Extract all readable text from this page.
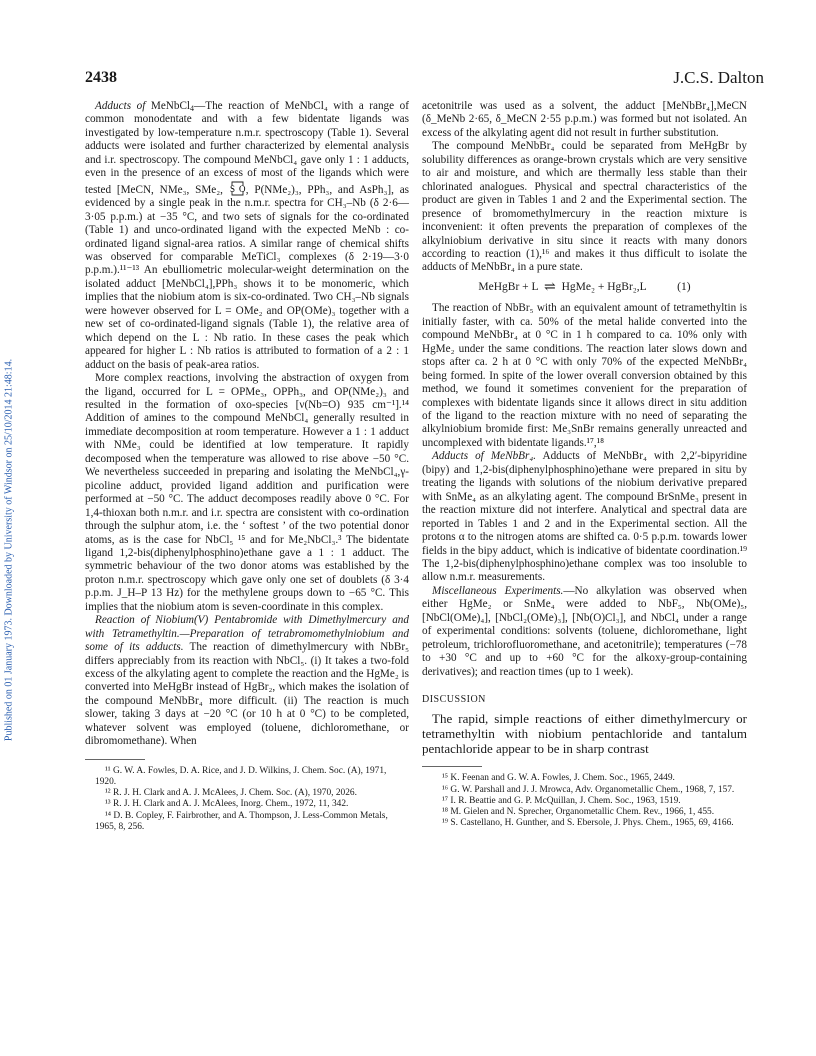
Published on 01 January 1973. Downloaded by University of Windsor on 25/10/2014 21:48:14.
2438	J.C.S. Dalton

Adducts of MeNbCl$_4$—The reaction of MeNbCl₄ with a range of common monodentate and with a few bidentate ligands was investigated by low-temperature n.m.r. spectroscopy (Table 1). Several adducts were isolated and further characterized by elemental analysis and i.r. spectroscopy. The compound MeNbCl₄ gave only 1 : 1 adducts, even in the presence of an excess of most of the ligands which were tested [MeCN, NMe₃, SMe₂, S O , P(NMe₂)₃, PPh₃, and AsPh₃], as evidenced by a single peak in the n.m.r. spectra for CH₃–Nb (δ 2·6—3·05 p.p.m.) at −35 °C, and two sets of signals for the co-ordinated (Table 1) and unco-ordinated ligand with the expected MeNb : co-ordinated ligand signal-area ratios. A similar range of chemical shifts was observed for comparable MeTiCl₃ complexes (δ 2·19—3·0 p.p.m.).¹¹⁻¹³ An ebulliometric molecular-weight determination on the isolated adduct [MeNbCl₄],PPh₃ shows it to be monomeric, which implies that the niobium atom is six-co-ordinated. Two CH₃–Nb signals were however observed for L = OMe₂ and OP(OMe)₃ together with a new set of co-ordinated-ligand signals (Table 1), the relative area of which depend on the L : Nb ratio. In these cases the peak which appeared for higher L : Nb ratios is attributed to formation of a 2 : 1 adduct on the basis of peak-area ratios.

More complex reactions, involving the abstraction of oxygen from the ligand, occurred for L = OPMe₃, OPPh₃, and OP(NMe₂)₃ and resulted in the formation of oxo-species [ν(Nb=O) 935 cm⁻¹].¹⁴ Addition of amines to the compound MeNbCl₄ generally resulted in immediate decomposition at room temperature. However a 1 : 1 adduct with NMe₃ could be identified at low temperature. It rapidly decomposed when the temperature was allowed to rise above −50 °C. We nevertheless succeeded in preparing and isolating the MeNbCl₄,γ-picoline adduct, provided ligand addition and purification were performed at −50 °C. The adduct decomposes readily above 0 °C. For 1,4-thioxan both n.m.r. and i.r. spectra are consistent with co-ordination through the sulphur atom, i.e. the ‘ softest ’ of the two potential donor atoms, as is the case for NbCl₅ ¹⁵ and for Me₂NbCl₃.³ The bidentate ligand 1,2-bis(diphenylphosphino)ethane gave a 1 : 1 adduct. The symmetric behaviour of the two donor atoms was established by the proton n.m.r. spectroscopy which gave only one set of doublets (δ 3·4 p.p.m. J_H–P 13 Hz) for the methylene groups down to −65 °C. This implies that the niobium atom is seven-coordinate in this complex.

Reaction of Niobium(V) Pentabromide with Dimethylmercury and with Tetramethyltin.—Preparation of tetrabromomethylniobium and some of its adducts. The reaction of dimethylmercury with NbBr₅ differs appreciably from its reaction with NbCl₅. (i) It takes a two-fold excess of the alkylating agent to complete the reaction and the HgMe₂ is converted into MeHgBr instead of HgBr₂, which makes the isolation of the compound MeNbBr₄ more difficult. (ii) The reaction is much slower, taking 3 days at −20 °C (or 10 h at 0 °C) to be completed, whatever solvent was employed (toluene, dichloromethane, or dibromomethane). When

¹¹ G. W. A. Fowles, D. A. Rice, and J. D. Wilkins, J. Chem. Soc. (A), 1971, 1920.

¹² R. J. H. Clark and A. J. McAlees, J. Chem. Soc. (A), 1970, 2026.

¹³ R. J. H. Clark and A. J. McAlees, Inorg. Chem., 1972, 11, 342.

¹⁴ D. B. Copley, F. Fairbrother, and A. Thompson, J. Less-Common Metals, 1965, 8, 256.

acetonitrile was used as a solvent, the adduct [MeNbBr₄],MeCN (δ_MeNb 2·65, δ_MeCN 2·55 p.p.m.) was formed but not isolated. An excess of the alkylating agent did not result in further substitution.

The compound MeNbBr₄ could be separated from MeHgBr by solubility differences as orange-brown crystals which are very sensitive to air and moisture, and which are thermally less stable than their chlorinated analogues. Physical and spectral characteristics of the product are given in Tables 1 and 2 and the Experimental section. The presence of bromomethylmercury in the reaction mixture is inconvenient: it often prevents the preparation of complexes of the alkylniobium derivative in situ since it reacts with many donors according to reaction (1),¹⁶ and makes it thus difficult to isolate the adducts of MeNbBr₄ in a pure state.

MeHgBr + L ⇌ HgMe₂ + HgBr₂,L	(1)

The reaction of NbBr₅ with an equivalent amount of tetramethyltin is initially faster, with ca. 50% of the metal halide converted into the compound MeNbBr₄ at 0 °C in 1 h compared to ca. 10% only with HgMe₂ under the same conditions. The reaction later slows down and stops after ca. 2 h at 0 °C with only 70% of the expected MeNbBr₄ being formed. In spite of the lower overall conversion obtained by this method, we found it sometimes convenient for the preparation of complexes with bidentate ligands since it allows direct in situ addition of the ligand to the reaction mixture with no need of separating the alkylniobium bromide first: Me₃SnBr remains generally unreacted and uncomplexed with bidentate ligands.¹⁷,¹⁸

Adducts of MeNbBr₄. Adducts of MeNbBr₄ with 2,2′-bipyridine (bipy) and 1,2-bis(diphenylphosphino)ethane were prepared in situ by treating the ligands with solutions of the niobium derivative prepared with SnMe₄ as an alkylating agent. The compound BrSnMe₃ present in the reaction mixture did not interfere. Analytical and spectral data are reported in Tables 1 and 2 and in the Experimental section. All the protons α to the nitrogen atoms are shifted ca. 0·5 p.p.m. towards lower fields in the bipy adduct, which is indicative of bidentate coordination.¹⁹ The 1,2-bis(diphenylphosphino)ethane complex was too insoluble to allow n.m.r. measurements.

Miscellaneous Experiments.—No alkylation was observed when either HgMe₂ or SnMe₄ were added to NbF₅, Nb(OMe)₅, [NbCl(OMe)₄], [NbCl₂(OMe)₃], [Nb(O)Cl₃], and NbCl₄ under a range of experimental conditions: solvents (toluene, dichloromethane, light petroleum, trichlorofluoromethane, and acetonitrile); temperatures (−78 to +30 °C and up to +60 °C for the alkoxy-group-containing derivatives); and reaction times (up to 1 week).

DISCUSSION

The rapid, simple reactions of either dimethylmercury or tetramethyltin with niobium pentachloride and tantalum pentachloride appear to be in sharp contrast

¹⁵ K. Feenan and G. W. A. Fowles, J. Chem. Soc., 1965, 2449.

¹⁶ G. W. Parshall and J. J. Mrowca, Adv. Organometallic Chem., 1968, 7, 157.

¹⁷ I. R. Beattie and G. P. McQuillan, J. Chem. Soc., 1963, 1519.

¹⁸ M. Gielen and N. Sprecher, Organometallic Chem. Rev., 1966, 1, 455.

¹⁹ S. Castellano, H. Gunther, and S. Ebersole, J. Phys. Chem., 1965, 69, 4166.
